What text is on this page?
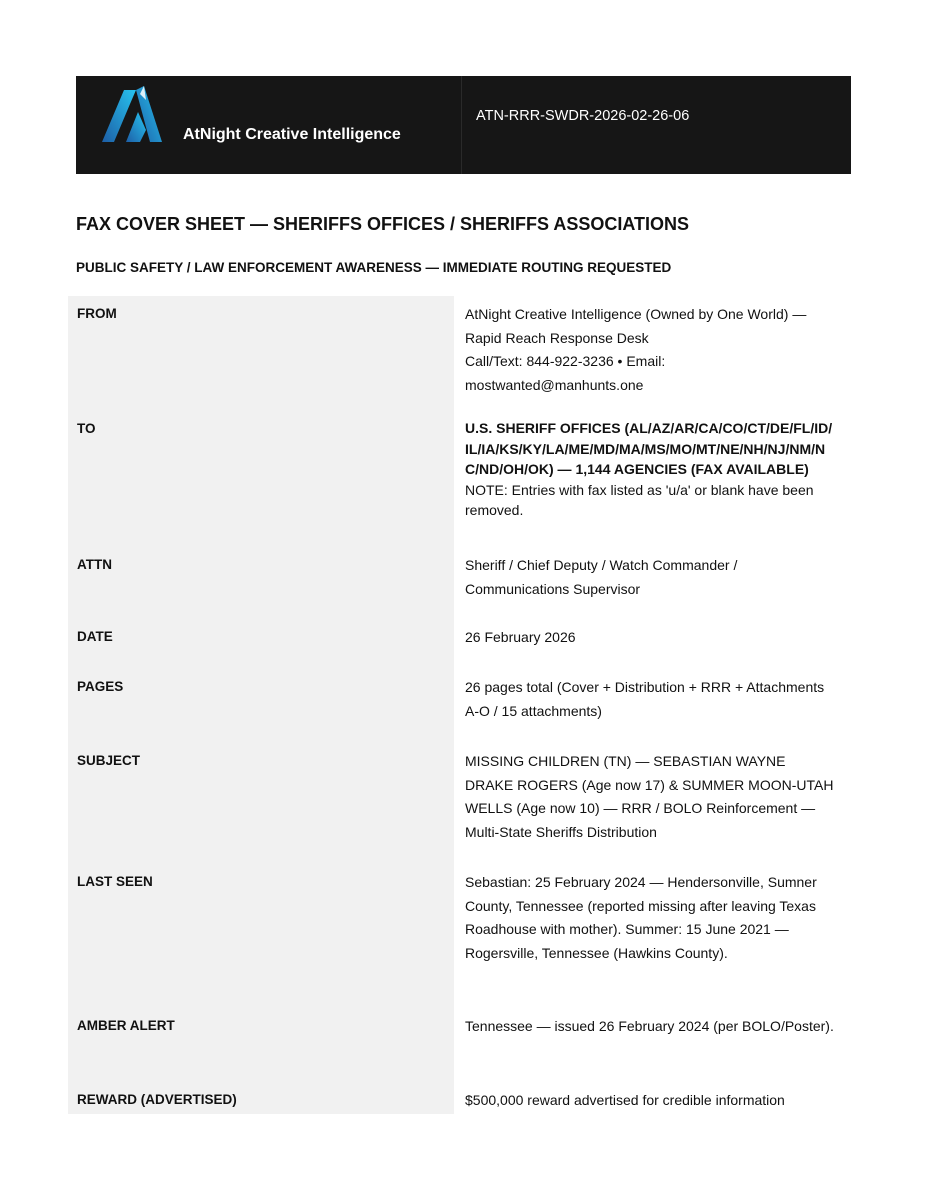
AtNight Creative Intelligence
ATN-RRR-SWDR-2026-02-26-06
FAX COVER SHEET — SHERIFFS OFFICES / SHERIFFS ASSOCIATIONS
PUBLIC SAFETY / LAW ENFORCEMENT AWARENESS — IMMEDIATE ROUTING REQUESTED
FROM	AtNight Creative Intelligence (Owned by One World) —
Rapid Reach Response Desk
Call/Text: 844-922-3236 • Email:
mostwanted@manhunts.one
TO	U.S. SHERIFF OFFICES (AL/AZ/AR/CA/CO/CT/DE/FL/ID/IL/IA/KS/KY/LA/ME/MD/MA/MS/MO/MT/NE/NH/NJ/NM/NC/ND/OH/OK) — 1,144 AGENCIES (FAX AVAILABLE)
NOTE: Entries with fax listed as 'u/a' or blank have been removed.
ATTN	Sheriff / Chief Deputy / Watch Commander / Communications Supervisor
DATE	26 February 2026
PAGES	26 pages total (Cover + Distribution + RRR + Attachments A-O / 15 attachments)
SUBJECT	MISSING CHILDREN (TN) — SEBASTIAN WAYNE DRAKE ROGERS (Age now 17) & SUMMER MOON-UTAH WELLS (Age now 10) — RRR / BOLO Reinforcement — Multi-State Sheriffs Distribution
LAST SEEN	Sebastian: 25 February 2024 — Hendersonville, Sumner County, Tennessee (reported missing after leaving Texas Roadhouse with mother). Summer: 15 June 2021 — Rogersville, Tennessee (Hawkins County).
AMBER ALERT	Tennessee — issued 26 February 2024 (per BOLO/Poster).
REWARD (ADVERTISED)	$500,000 reward advertised for credible information
